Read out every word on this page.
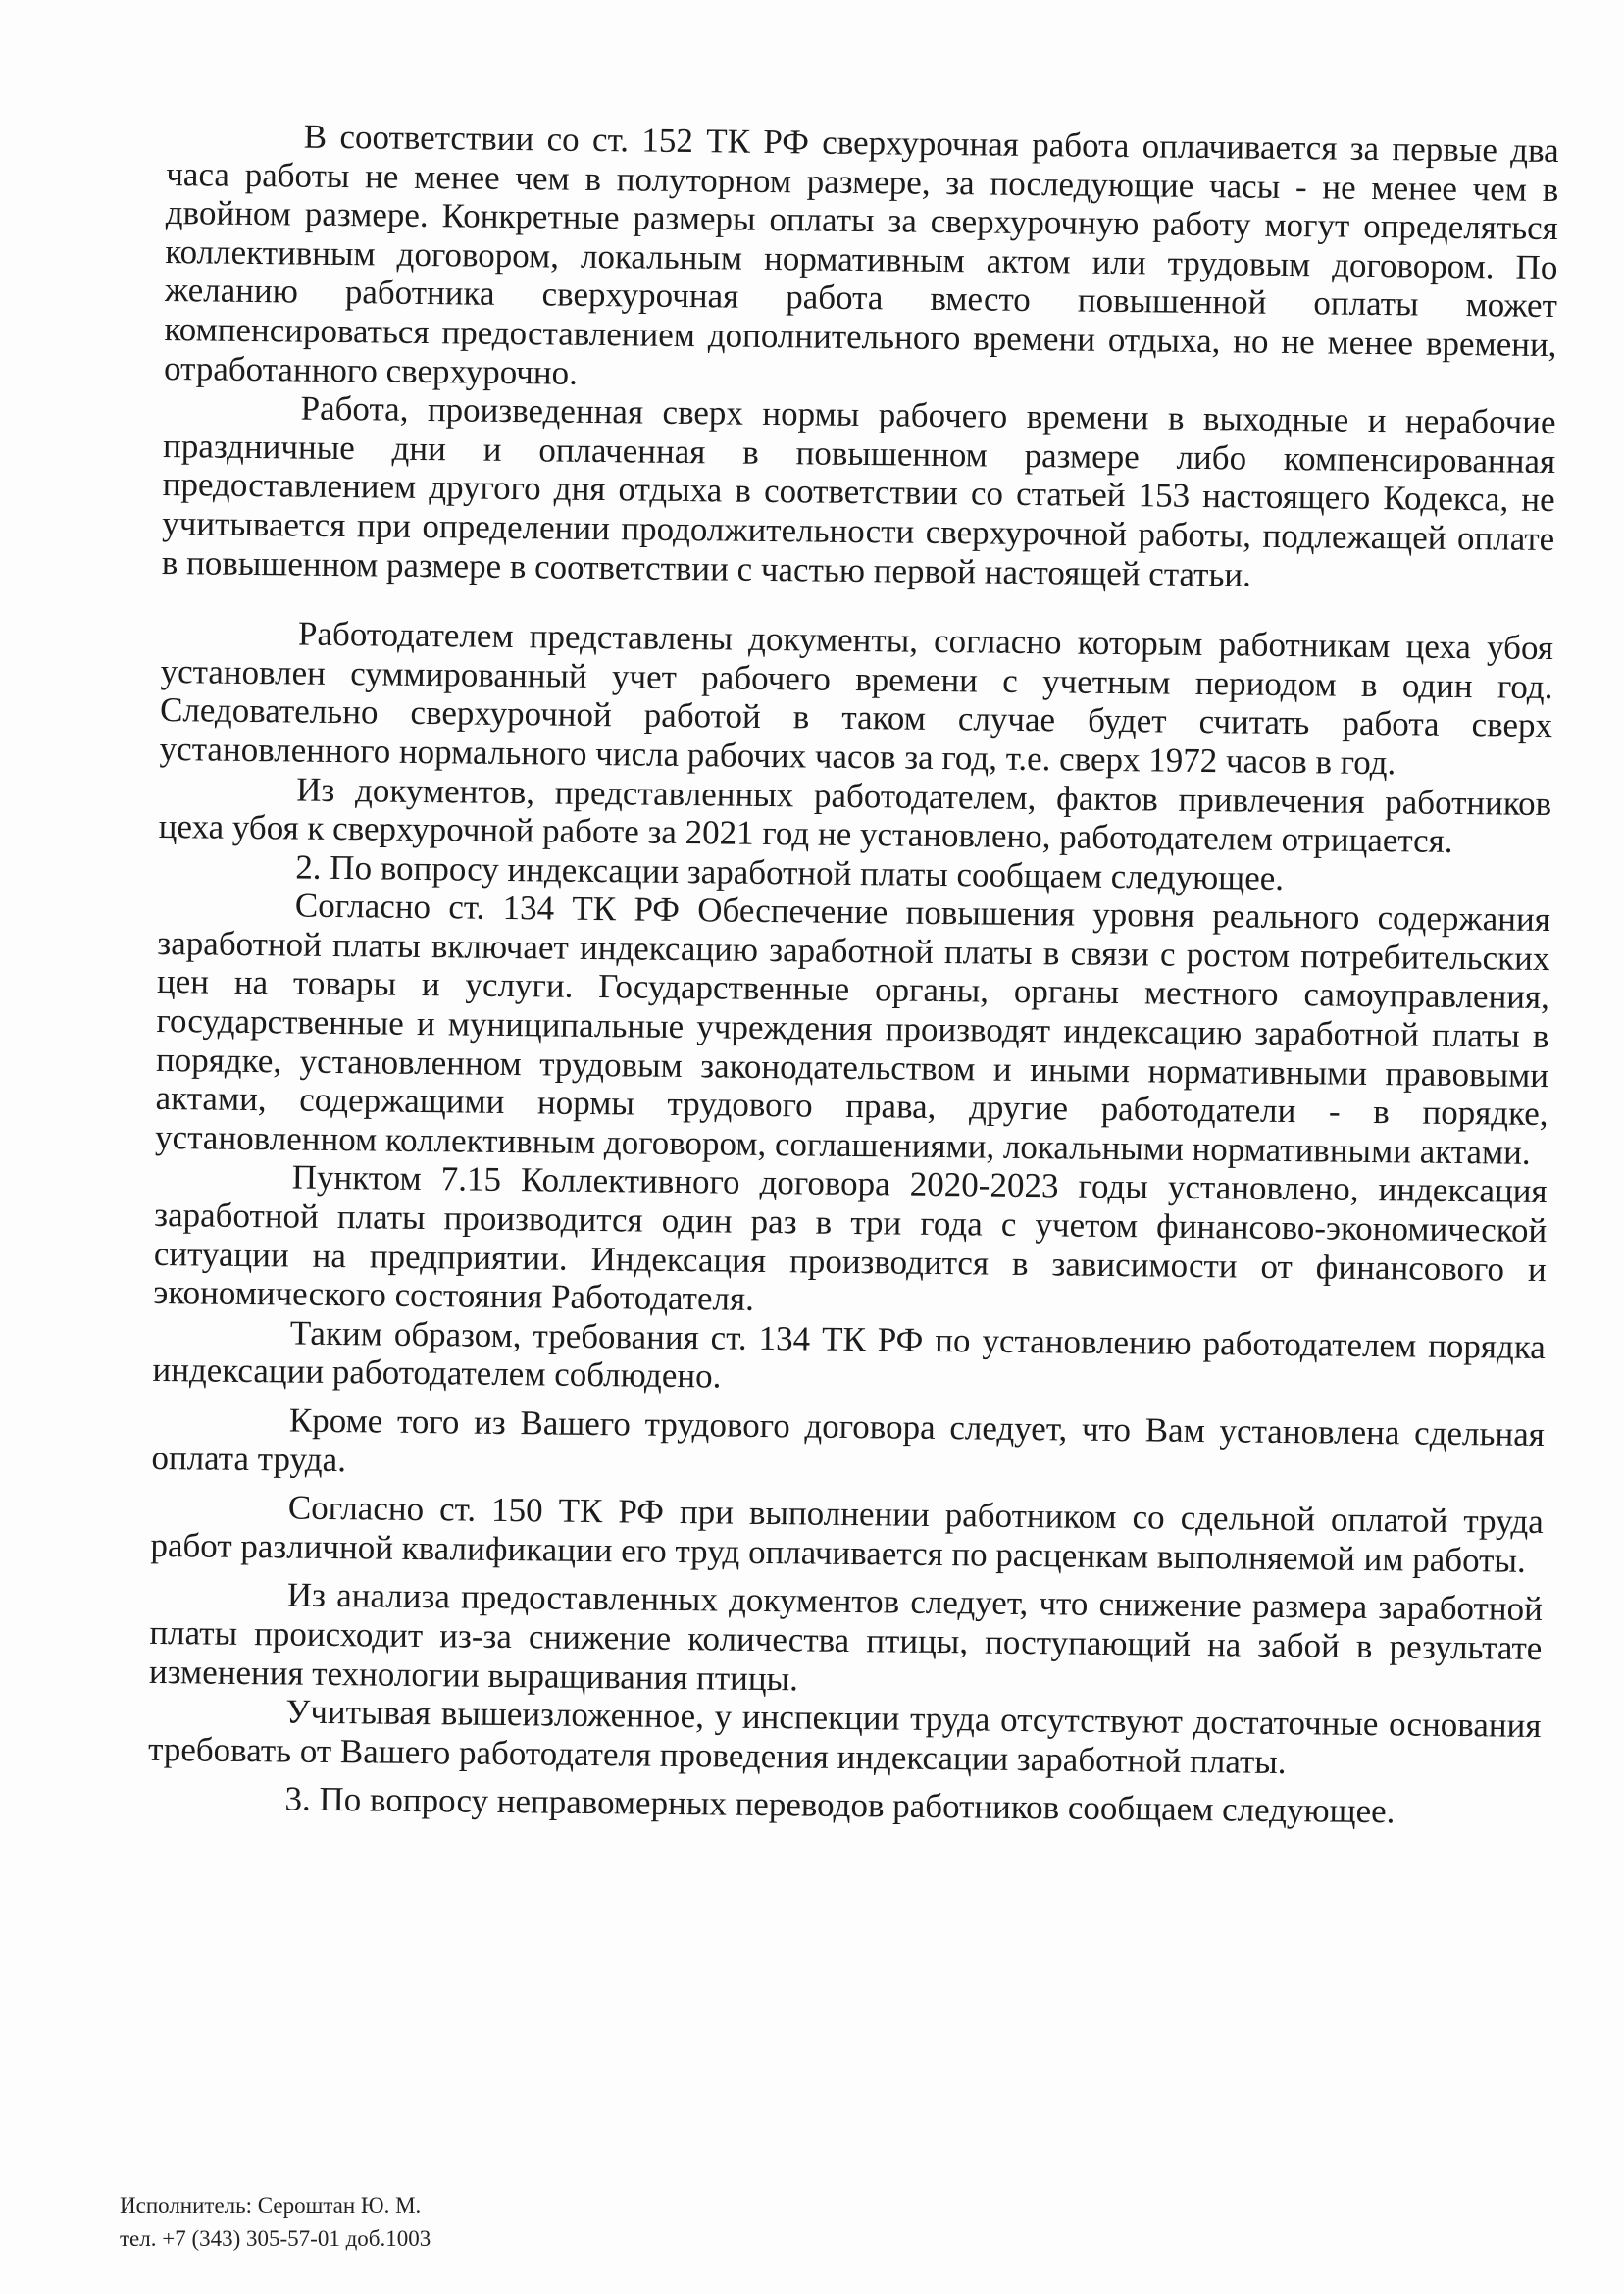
В соответствии со ст. 152 ТК РФ сверхурочная работа оплачивается за первые два часа работы не менее чем в полуторном размере, за последующие часы - не менее чем в двойном размере. Конкретные размеры оплаты за сверхурочную работу могут определяться коллективным договором, локальным нормативным актом или трудовым договором. По желанию работника сверхурочная работа вместо повышенной оплаты может компенсироваться предоставлением дополнительного времени отдыха, но не менее времени, отработанного сверхурочно.

Работа, произведенная сверх нормы рабочего времени в выходные и нерабочие праздничные дни и оплаченная в повышенном размере либо компенсированная предоставлением другого дня отдыха в соответствии со статьей 153 настоящего Кодекса, не учитывается при определении продолжительности сверхурочной работы, подлежащей оплате в повышенном размере в соответствии с частью первой настоящей статьи.

Работодателем представлены документы, согласно которым работникам цеха убоя установлен суммированный учет рабочего времени с учетным периодом в один год. Следовательно сверхурочной работой в таком случае будет считать работа сверх установленного нормального числа рабочих часов за год, т.е. сверх 1972 часов в год.

Из документов, представленных работодателем, фактов привлечения работников цеха убоя к сверхурочной работе за 2021 год не установлено, работодателем отрицается.

2. По вопросу индексации заработной платы сообщаем следующее.

Согласно ст. 134 ТК РФ Обеспечение повышения уровня реального содержания заработной платы включает индексацию заработной платы в связи с ростом потребительских цен на товары и услуги. Государственные органы, органы местного самоуправления, государственные и муниципальные учреждения производят индексацию заработной платы в порядке, установленном трудовым законодательством и иными нормативными правовыми актами, содержащими нормы трудового права, другие работодатели - в порядке, установленном коллективным договором, соглашениями, локальными нормативными актами.

Пунктом 7.15 Коллективного договора 2020-2023 годы установлено, индексация заработной платы производится один раз в три года с учетом финансово-экономической ситуации на предприятии. Индексация производится в зависимости от финансового и экономического состояния Работодателя.

Таким образом, требования ст. 134 ТК РФ по установлению работодателем порядка индексации работодателем соблюдено.

Кроме того из Вашего трудового договора следует, что Вам установлена сдельная оплата труда.

Согласно ст. 150 ТК РФ при выполнении работником со сдельной оплатой труда работ различной квалификации его труд оплачивается по расценкам выполняемой им работы.

Из анализа предоставленных документов следует, что снижение размера заработной платы происходит из-за снижение количества птицы, поступающий на забой в результате изменения технологии выращивания птицы.

Учитывая вышеизложенное, у инспекции труда отсутствуют достаточные основания требовать от Вашего работодателя проведения индексации заработной платы.

3. По вопросу неправомерных переводов работников сообщаем следующее.

Исполнитель: Сероштан Ю. М.
тел. +7 (343) 305-57-01 доб.1003
